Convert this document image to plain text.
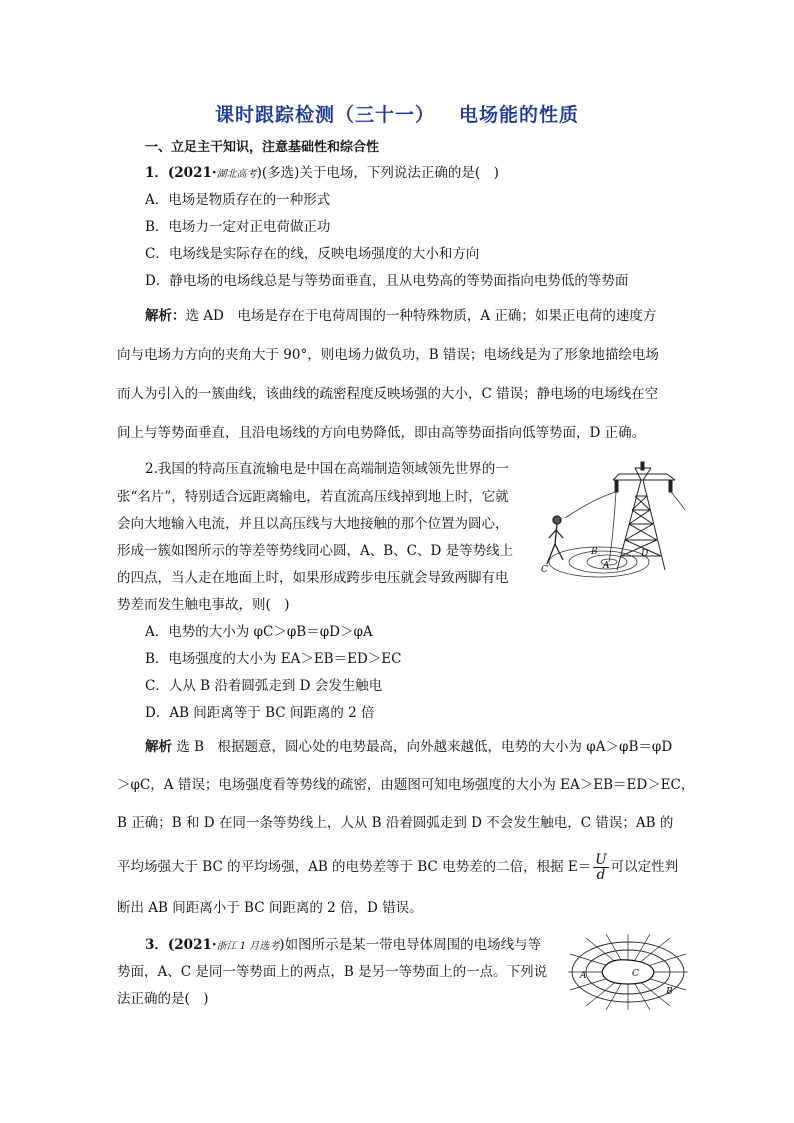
课时跟踪检测（三十一） 电场能的性质
一、立足主干知识，注意基础性和综合性
1．(2021·湖北高考)(多选)关于电场，下列说法正确的是(　)
A．电场是物质存在的一种形式
B．电场力一定对正电荷做正功
C．电场线是实际存在的线，反映电场强度的大小和方向
D．静电场的电场线总是与等势面垂直，且从电势高的等势面指向电势低的等势面
解析：选 AD　电场是存在于电荷周围的一种特殊物质，A 正确；如果正电荷的速度方
向与电场力方向的夹角大于 90°，则电场力做负功，B 错误；电场线是为了形象地描绘电场
而人为引入的一簇曲线，该曲线的疏密程度反映场强的大小，C 错误；静电场的电场线在空
间上与等势面垂直，且沿电场线的方向电势降低，即由高等势面指向低等势面，D 正确。
2.我国的特高压直流输电是中国在高端制造领域领先世界的一
张“名片”，特别适合远距离输电，若直流高压线掉到地上时，它就
会向大地输入电流，并且以高压线与大地接触的那个位置为圆心，
形成一簇如图所示的等差等势线同心圆，A、B、C、D 是等势线上
的四点，当人走在地面上时，如果形成跨步电压就会导致两脚有电
势差而发生触电事故，则(　)
A．电势的大小为 φC＞φB＝φD＞φA
B．电场强度的大小为 EA＞EB＝ED＞EC
C．人从 B 沿着圆弧走到 D 会发生触电
D．AB 间距离等于 BC 间距离的 2 倍
解析 选 B　根据题意，圆心处的电势最高，向外越来越低，电势的大小为 φA＞φB＝φD
＞φC，A 错误；电场强度看等势线的疏密，由题图可知电场强度的大小为 EA＞EB＝ED＞EC，
B 正确；B 和 D 在同一条等势线上，人从 B 沿着圆弧走到 D 不会发生触电，C 错误；AB 的
平均场强大于 BC 的平均场强，AB 的电势差等于 BC 电势差的二倍，根据 $E= \frac{U}{d}$ 可以定性判
断出 AB 间距离小于 BC 间距离的 2 倍，D 错误。
3．(2021·浙江 1 月选考)如图所示是某一带电导体周围的电场线与等
势面，A、C 是同一等势面上的两点，B 是另一等势面上的一点。下列说
法正确的是(　)
A
B
C
D
A
B
C
